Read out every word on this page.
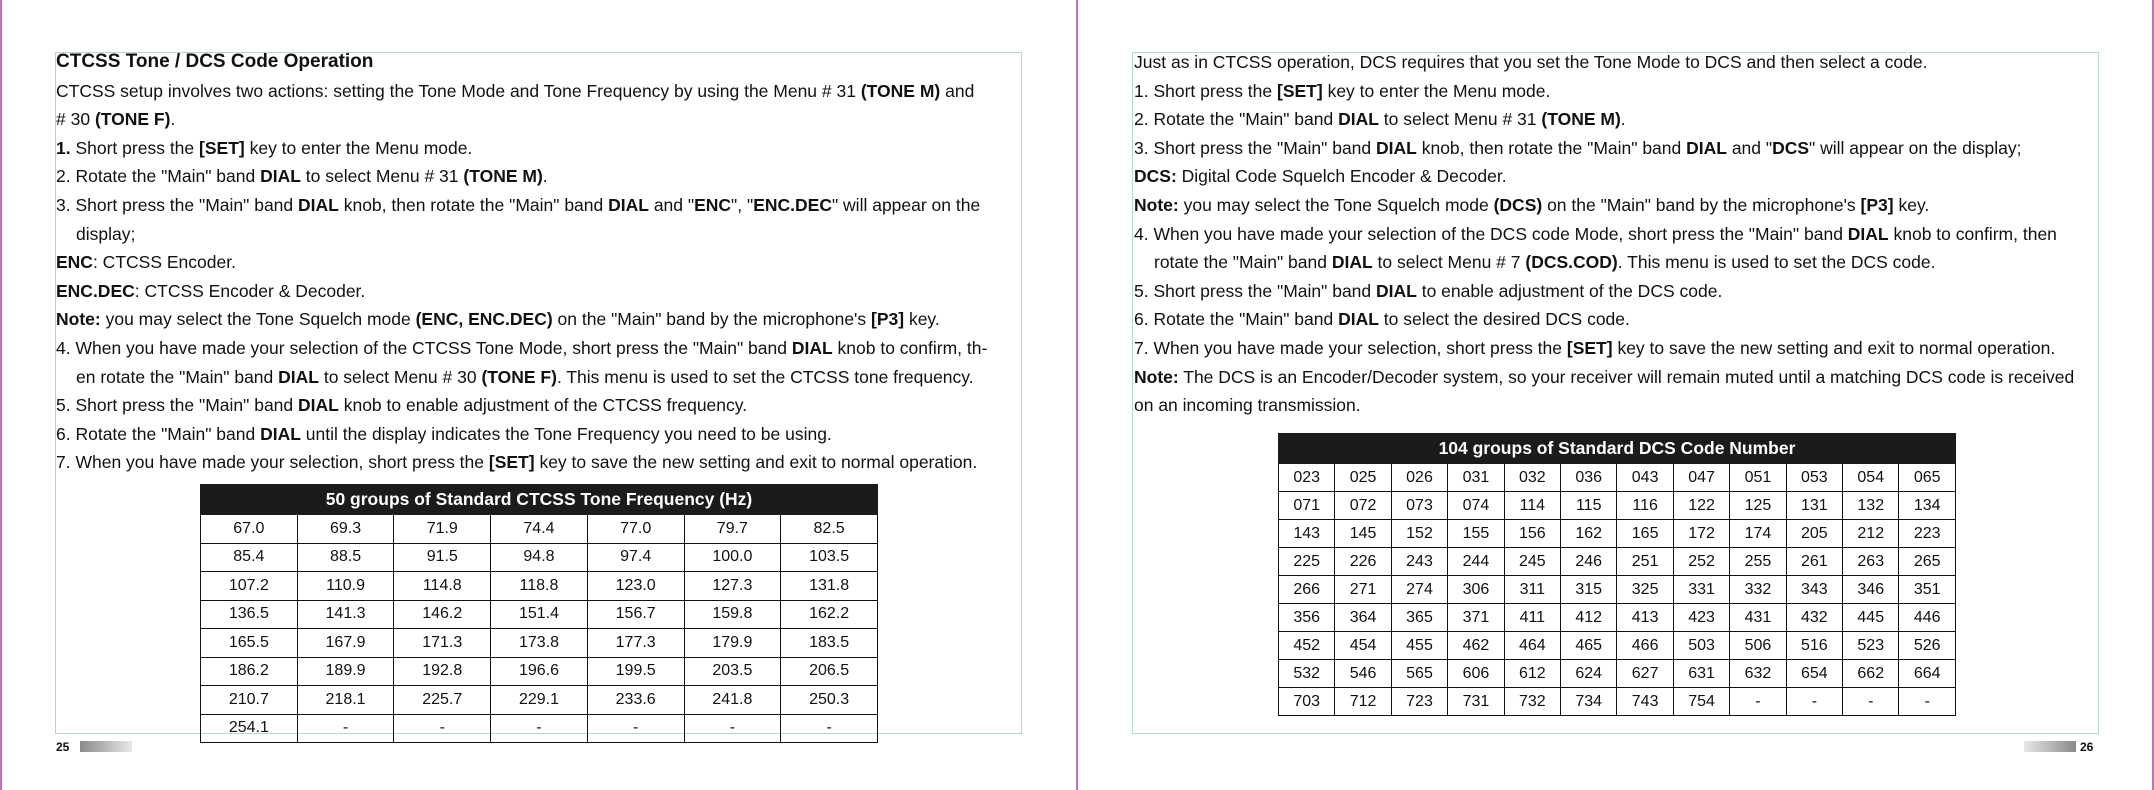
CTCSS Tone / DCS Code Operation
CTCSS setup involves two actions: setting the Tone Mode and Tone Frequency by using the Menu # 31 (TONE M) and
# 30 (TONE F).
1. Short press the [SET] key to enter the Menu mode.
2. Rotate the "Main" band DIAL to select Menu # 31 (TONE M).
3. Short press the "Main" band DIAL knob, then rotate the "Main" band DIAL and "ENC", "ENC.DEC" will appear on the
display;
ENC: CTCSS Encoder.
ENC.DEC: CTCSS Encoder & Decoder.
Note: you may select the Tone Squelch mode (ENC, ENC.DEC) on the "Main" band by the microphone's [P3] key.
4. When you have made your selection of the CTCSS Tone Mode, short press the "Main" band DIAL knob to confirm, th-
en rotate the "Main" band DIAL to select Menu # 30 (TONE F). This menu is used to set the CTCSS tone frequency.
5. Short press the "Main" band DIAL knob to enable adjustment of the CTCSS frequency.
6. Rotate the "Main" band DIAL until the display indicates the Tone Frequency you need to be using.
7. When you have made your selection, short press the [SET] key to save the new setting and exit to normal operation.
50 groups of Standard CTCSS Tone Frequency (Hz)						
67.0	69.3	71.9	74.4	77.0	79.7	82.5
85.4	88.5	91.5	94.8	97.4	100.0	103.5
107.2	110.9	114.8	118.8	123.0	127.3	131.8
136.5	141.3	146.2	151.4	156.7	159.8	162.2
165.5	167.9	171.3	173.8	177.3	179.9	183.5
186.2	189.9	192.8	196.6	199.5	203.5	206.5
210.7	218.1	225.7	229.1	233.6	241.8	250.3
254.1	-	-	-	-	-	-
Just as in CTCSS operation, DCS requires that you set the Tone Mode to DCS and then select a code.
1. Short press the [SET] key to enter the Menu mode.
2. Rotate the "Main" band DIAL to select Menu # 31 (TONE M).
3. Short press the "Main" band DIAL knob, then rotate the "Main" band DIAL and "DCS" will appear on the display;
DCS: Digital Code Squelch Encoder & Decoder.
Note: you may select the Tone Squelch mode (DCS) on the "Main" band by the microphone's [P3] key.
4. When you have made your selection of the DCS code Mode, short press the "Main" band DIAL knob to confirm, then
rotate the "Main" band DIAL to select Menu # 7 (DCS.COD). This menu is used to set the DCS code.
5. Short press the "Main" band DIAL to enable adjustment of the DCS code.
6. Rotate the "Main" band DIAL to select the desired DCS code.
7. When you have made your selection, short press the [SET] key to save the new setting and exit to normal operation.
Note: The DCS is an Encoder/Decoder system, so your receiver will remain muted until a matching DCS code is received
on an incoming transmission.
104 groups of Standard DCS Code Number											
023	025	026	031	032	036	043	047	051	053	054	065
071	072	073	074	114	115	116	122	125	131	132	134
143	145	152	155	156	162	165	172	174	205	212	223
225	226	243	244	245	246	251	252	255	261	263	265
266	271	274	306	311	315	325	331	332	343	346	351
356	364	365	371	411	412	413	423	431	432	445	446
452	454	455	462	464	465	466	503	506	516	523	526
532	546	565	606	612	624	627	631	632	654	662	664
703	712	723	731	732	734	743	754	-	-	-	-
25	26
